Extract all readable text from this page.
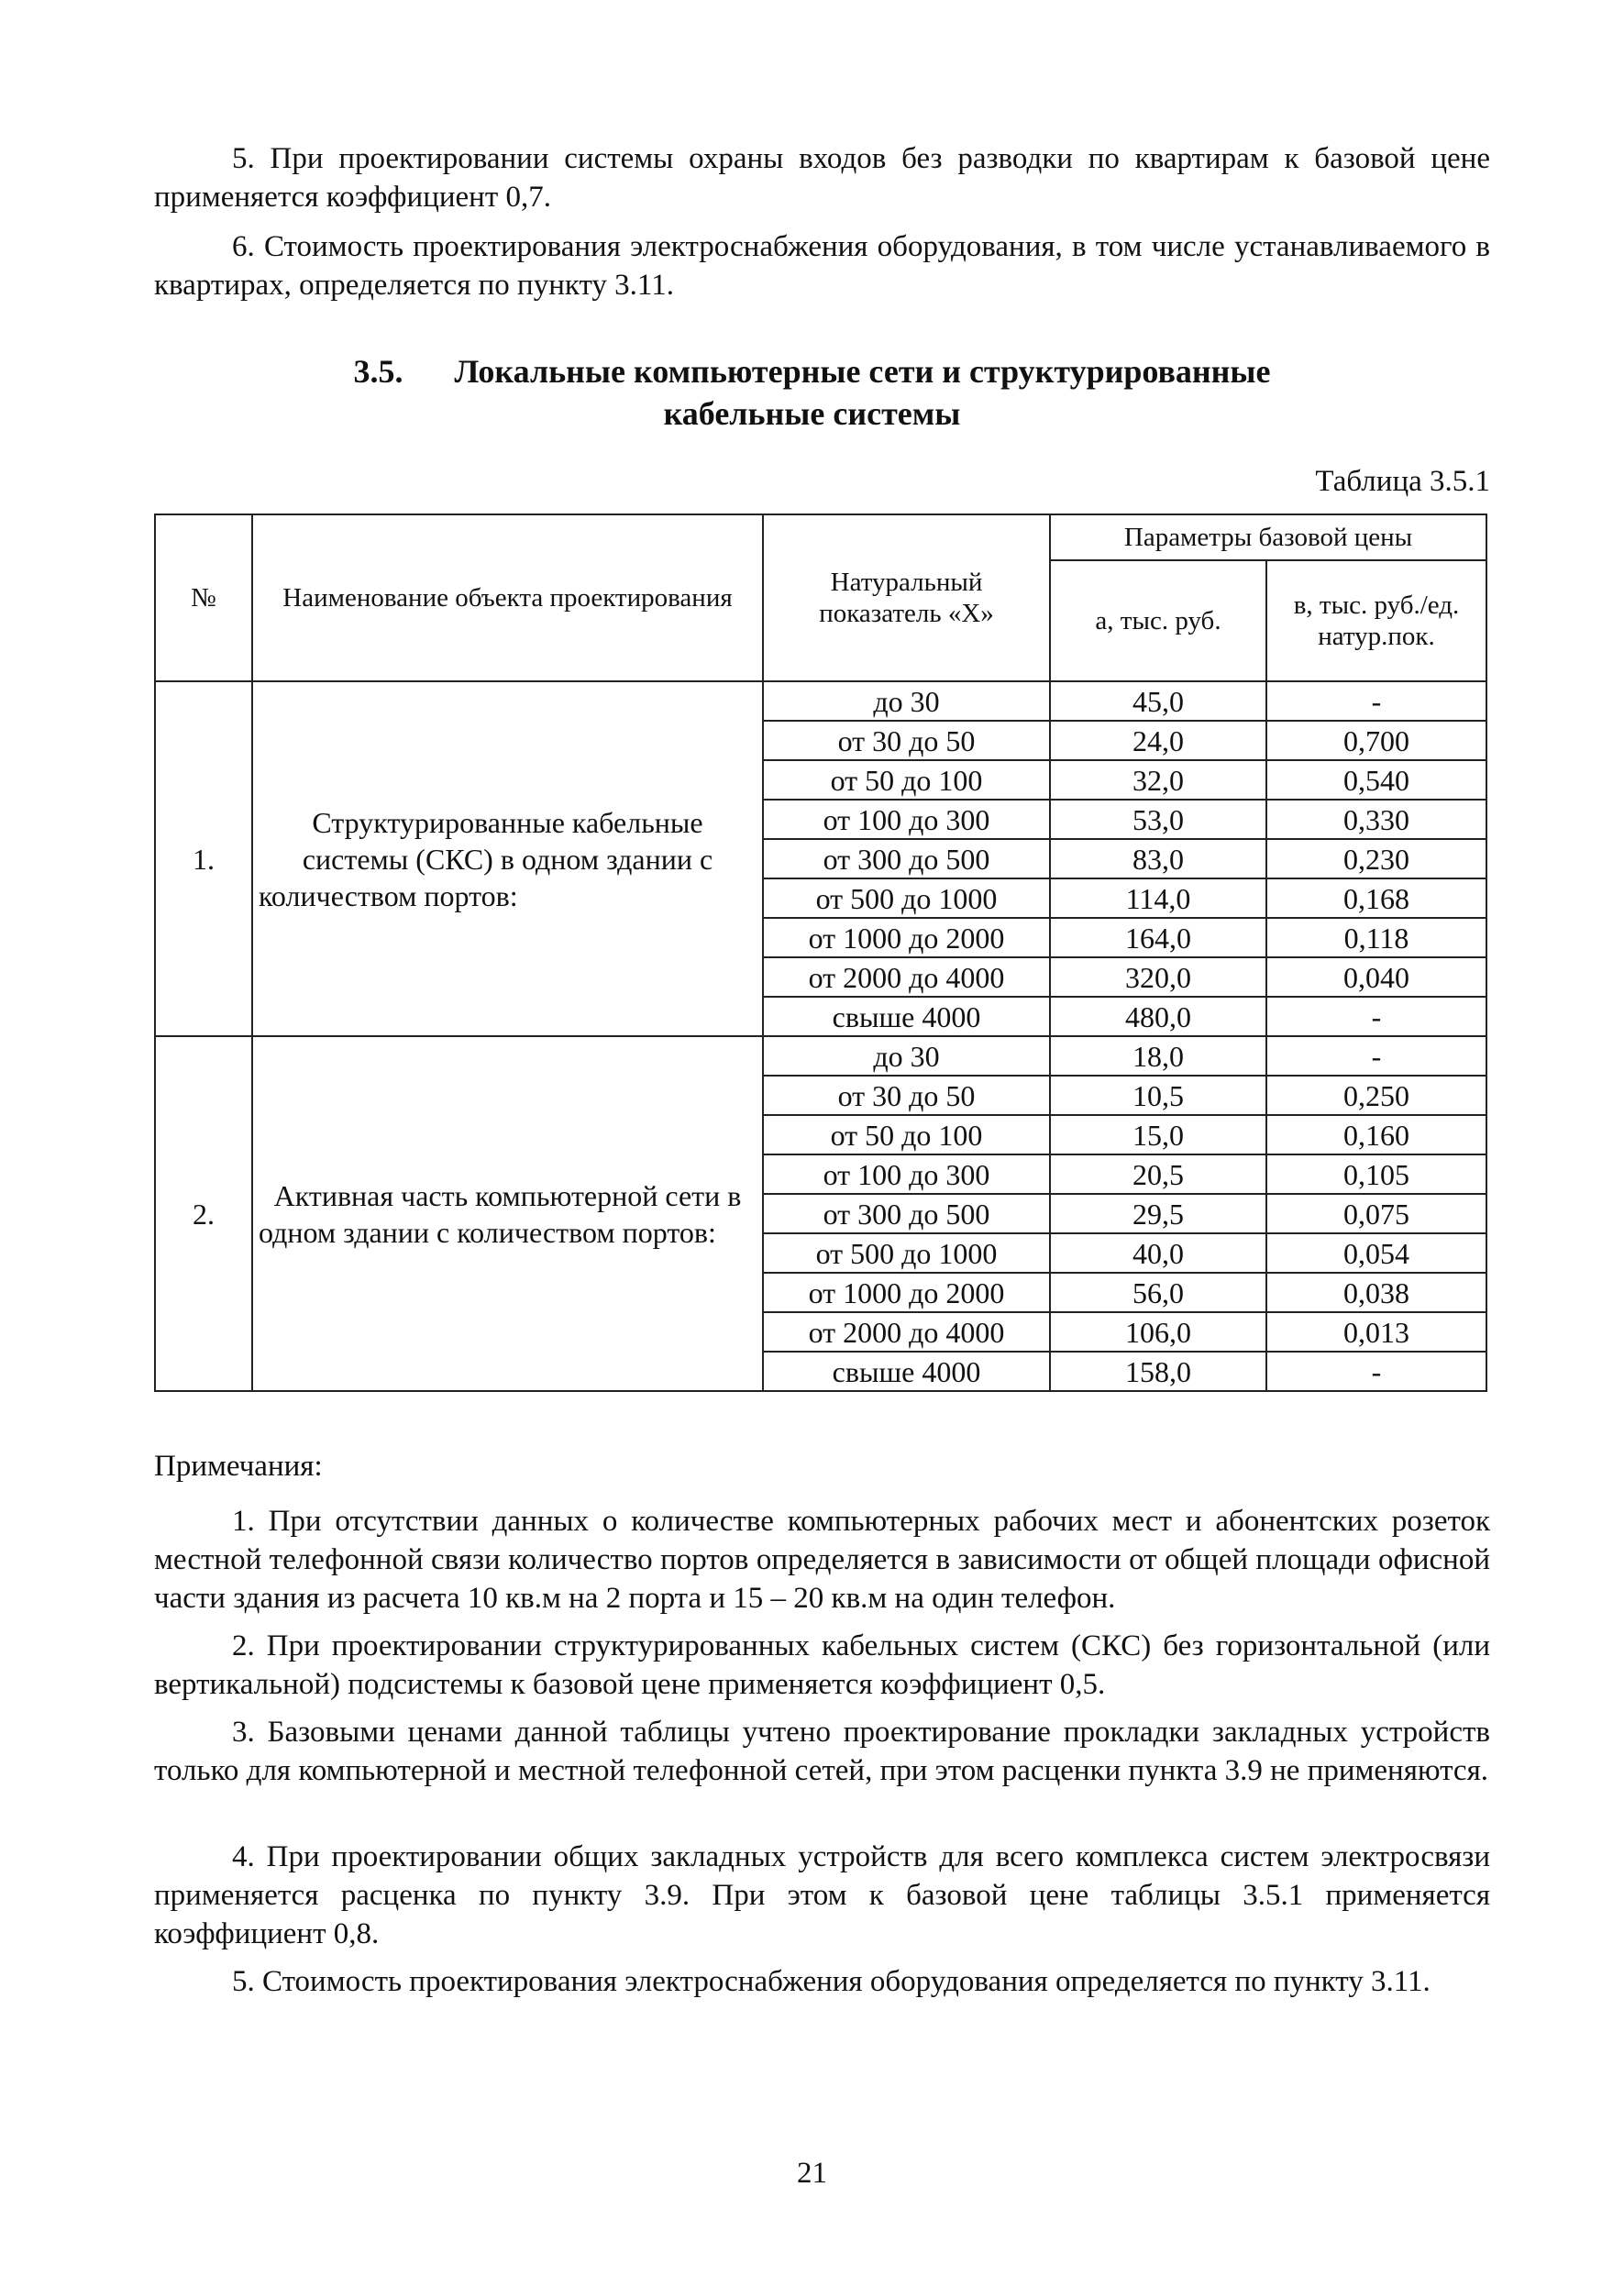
5. При проектировании системы охраны входов без разводки по квартирам к базовой цене применяется коэффициент 0,7.

6. Стоимость проектирования электроснабжения оборудования, в том числе устанавливаемого в квартирах, определяется по пункту 3.11.

3.5. Локальные компьютерные сети и структурированные
кабельные системы
Таблица 3.5.1
№	Наименование объекта проектирования	Натуральный показатель «Х»	Параметры базовой цены	
			а, тыс. руб.	в, тыс. руб./ед. натур.пок.
1.	Структурированные кабельные системы (СКС) в одном здании с количеством портов:	до 30	45,0	-
		от 30 до 50	24,0	0,700
		от 50 до 100	32,0	0,540
		от 100 до 300	53,0	0,330
		от 300 до 500	83,0	0,230
		от 500 до 1000	114,0	0,168
		от 1000 до 2000	164,0	0,118
		от 2000 до 4000	320,0	0,040
		свыше 4000	480,0	-
2.	Активная часть компьютерной сети в одном здании с количеством портов:	до 30	18,0	-
		от 30 до 50	10,5	0,250
		от 50 до 100	15,0	0,160
		от 100 до 300	20,5	0,105
		от 300 до 500	29,5	0,075
		от 500 до 1000	40,0	0,054
		от 1000 до 2000	56,0	0,038
		от 2000 до 4000	106,0	0,013
		свыше 4000	158,0	-
Примечания:

1. При отсутствии данных о количестве компьютерных рабочих мест и абонентских розеток местной телефонной связи количество портов определяется в зависимости от общей площади офисной части здания из расчета 10 кв.м на 2 порта и 15 – 20 кв.м на один телефон.

2. При проектировании структурированных кабельных систем (СКС) без горизонтальной (или вертикальной) подсистемы к базовой цене применяется коэффициент 0,5.

3. Базовыми ценами данной таблицы учтено проектирование прокладки закладных устройств только для компьютерной и местной телефонной сетей, при этом расценки пункта 3.9 не применяются.

4. При проектировании общих закладных устройств для всего комплекса систем электросвязи применяется расценка по пункту 3.9. При этом к базовой цене таблицы 3.5.1 применяется коэффициент 0,8.

5. Стоимость проектирования электроснабжения оборудования определяется по пункту 3.11.

21
